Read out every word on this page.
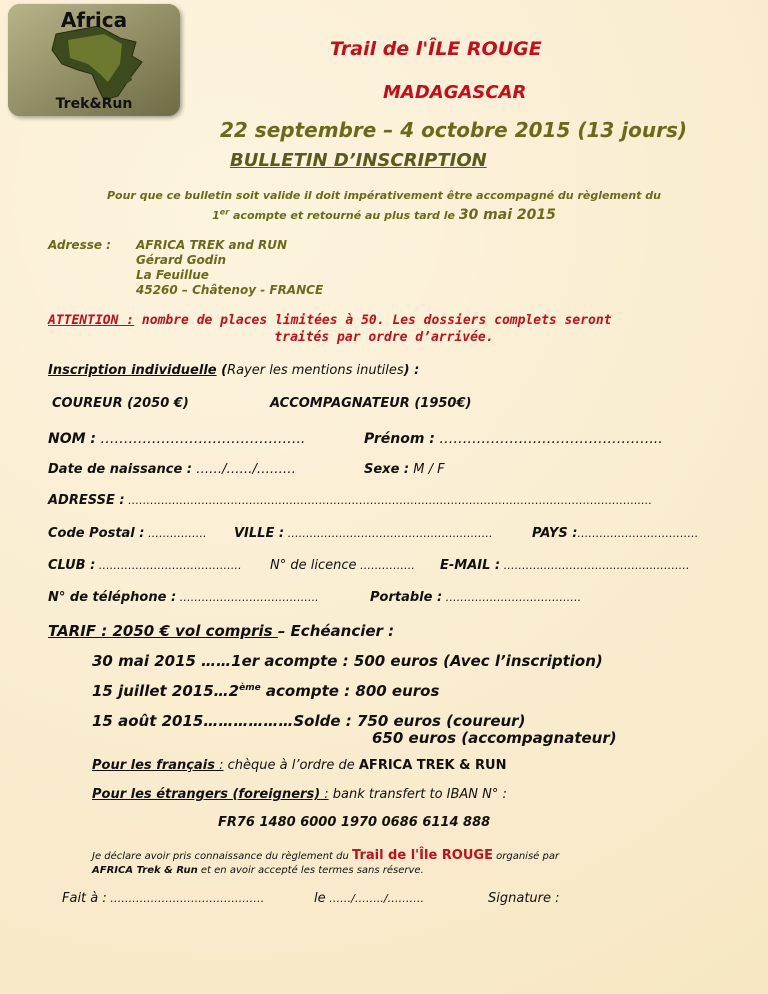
Africa
Trek&Run
Trail de l'ÎLE ROUGE
MADAGASCAR
22 septembre – 4 octobre 2015 (13 jours)
BULLETIN D’INSCRIPTION
Pour que ce bulletin soit valide il doit impérativement être accompagné du règlement du
1er acompte et retourné au plus tard le 30 mai 2015
Adresse : AFRICA TREK and RUN
Gérard Godin
La Feuillue
45260 – Châtenoy - FRANCE
ATTENTION : nombre de places limitées à 50. Les dossiers complets seront
traités par ordre d’arrivée.
Inscription individuelle (Rayer les mentions inutiles) :
COUREUR (2050 €)	ACCOMPAGNATEUR (1950€)
NOM : ……………………………………..	Prénom : ………………………………………...
Date de naissance : ……/……/………	Sexe : M / F
ADRESSE : …………………………………………………………………………………………………………………………..…
Code Postal : ……………. VILLE : ………………………………………..………	PAYS :……………………………
CLUB : ………………………………… N° de licence …………… E-MAIL : ………..………………..………..………
N° de téléphone : ………………………………..	Portable : ……………………………….
TARIF : 2050 € vol compris – Echéancier :
30 mai 2015 ……1er acompte : 500 euros (Avec l’inscription)
15 juillet 2015…2ème acompte : 800 euros
15 août 2015………………Solde : 750 euros (coureur)
650 euros (accompagnateur)
Pour les français : chèque à l’ordre de AFRICA TREK & RUN
Pour les étrangers (foreigners) : bank transfert to IBAN N° :
FR76 1480 6000 1970 0686 6114 888
Je déclare avoir pris connaissance du règlement du Trail de l'Île ROUGE organisé par
AFRICA Trek & Run et en avoir accepté les termes sans réserve.
Fait à : ……………………………………	le ……/……../……….	Signature :
